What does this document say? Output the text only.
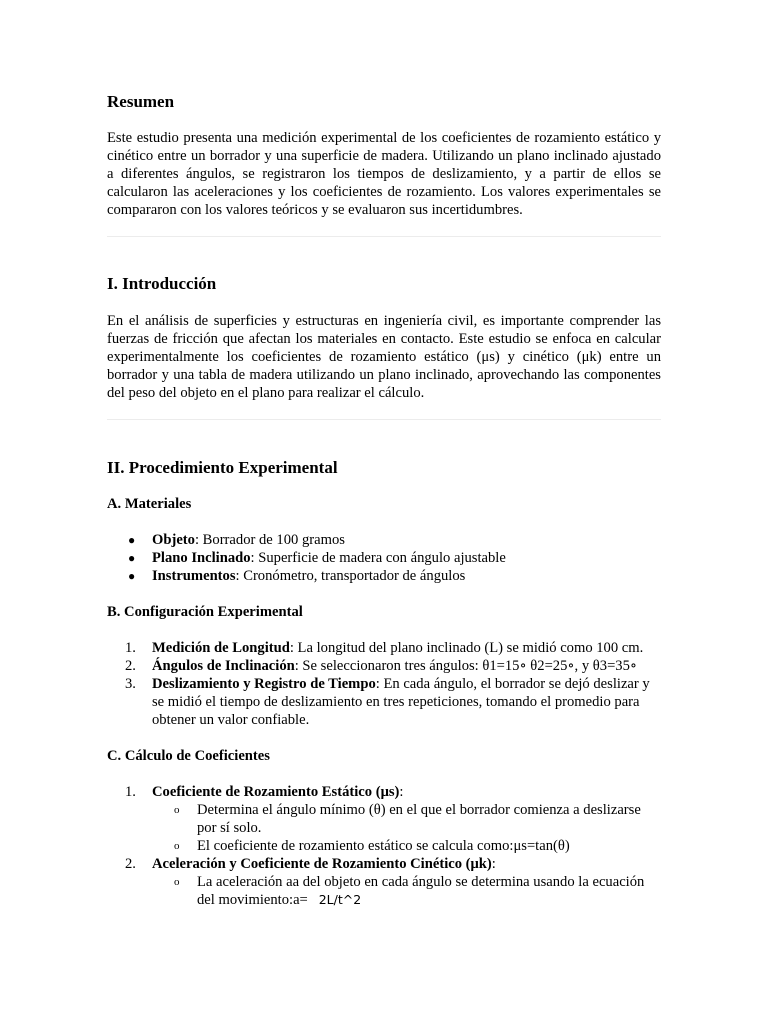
Resumen

Este estudio presenta una medición experimental de los coeficientes de rozamiento estático y cinético entre un borrador y una superficie de madera. Utilizando un plano inclinado ajustado a diferentes ángulos, se registraron los tiempos de deslizamiento, y a partir de ellos se calcularon las aceleraciones y los coeficientes de rozamiento. Los valores experimentales se compararon con los valores teóricos y se evaluaron sus incertidumbres.

I. Introducción

En el análisis de superficies y estructuras en ingeniería civil, es importante comprender las fuerzas de fricción que afectan los materiales en contacto. Este estudio se enfoca en calcular experimentalmente los coeficientes de rozamiento estático (μs) y cinético (μk) entre un borrador y una tabla de madera utilizando un plano inclinado, aprovechando las componentes del peso del objeto en el plano para realizar el cálculo.

II. Procedimiento Experimental
A. Materiales
● Objeto: Borrador de 100 gramos
● Plano Inclinado: Superficie de madera con ángulo ajustable
● Instrumentos: Cronómetro, transportador de ángulos
B. Configuración Experimental
1.	Medición de Longitud: La longitud del plano inclinado (L) se midió como 100 cm.
2.	Ángulos de Inclinación: Se seleccionaron tres ángulos: θ1=15∘ θ2=25∘, y θ3=35∘
3.	Deslizamiento y Registro de Tiempo: En cada ángulo, el borrador se dejó deslizar y se midió el tiempo de deslizamiento en tres repeticiones, tomando el promedio para obtener un valor confiable.
C. Cálculo de Coeficientes
1.	Coeficiente de Rozamiento Estático (μs):
o Determina el ángulo mínimo (θ) en el que el borrador comienza a deslizarse por sí solo.
o El coeficiente de rozamiento estático se calcula como:μs=tan(θ)
2.	Aceleración y Coeficiente de Rozamiento Cinético (μk):
o La aceleración aa del objeto en cada ángulo se determina usando la ecuación del movimiento:a= 2L/t^2
